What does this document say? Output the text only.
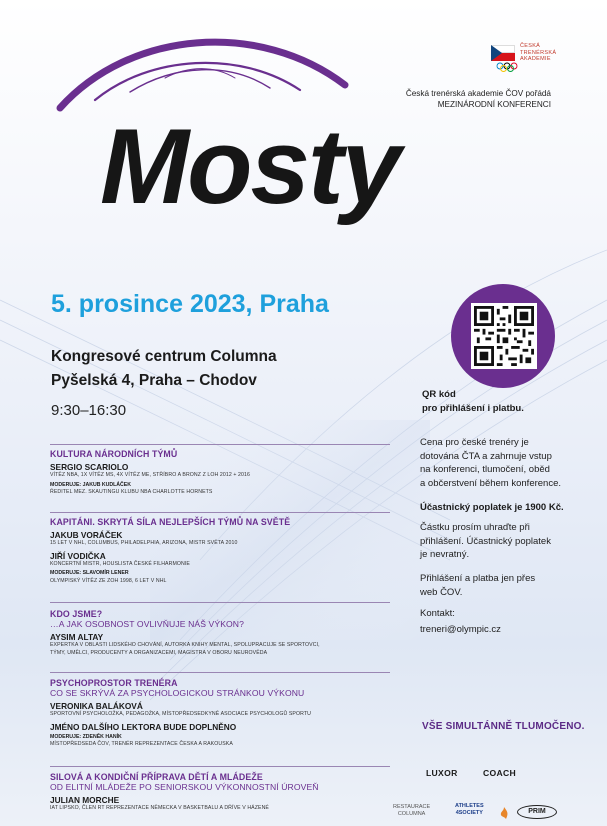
ČESKÁ
TRENÉRSKÁ
AKADEMIE
Česká trenérská akademie ČOV pořádá
MEZINÁRODNÍ KONFERENCI
Mosty
5. prosince 2023, Praha
Kongresové centrum Columna
Pyšelská 4, Praha – Chodov
9:30–16:30
QR kód
pro přihlášení i platbu.
Cena pro české trenéry je
dotována ČTA a zahrnuje vstup
na konferenci, tlumočení, oběd
a občerstvení během konference.
Účastnický poplatek je 1900 Kč.
Částku prosím uhraďte při
přihlášení. Účastnický poplatek
je nevratný.
Přihlášení a platba jen přes
web ČOV.
Kontakt:
treneri@olympic.cz
VŠE SIMULTÁNNĚ TLUMOČENO.
KULTURA NÁRODNÍCH TÝMŮ
SERGIO SCARIOLO
VÍTĚZ NBA, 1X VÍTĚZ MS, 4X VÍTĚZ ME, STŘÍBRO A BRONZ Z LOH 2012 + 2016
MODERUJE: JAKUB KUDLÁČEK
ŘEDITEL MEZ. SKAUTINGU KLUBU NBA CHARLOTTE HORNETS
KAPITÁNI. SKRYTÁ SÍLA NEJLEPŠÍCH TÝMŮ NA SVĚTĚ
JAKUB VORÁČEK
15 LET V NHL, COLUMBUS, PHILADELPHIA, ARIZONA, MISTR SVĚTA 2010
JIŘÍ VODIČKA
KONCERTNÍ MISTR, HOUSLISTA ČESKÉ FILHARMONIE
MODERUJE: SLAVOMÍR LENER
OLYMPISKÝ VÍTĚZ ZE ZOH 1998, 6 LET V NHL
KDO JSME?
…A JAK OSOBNOST OVLIVŇUJE NÁŠ VÝKON?
AYSIM ALTAY
EXPERTKA V OBLASTI LIDSKÉHO CHOVÁNÍ, AUTORKA KNIHY MENTAL, SPOLUPRACUJE SE SPORTOVCI,
TÝMY, UMĚLCI, PRODUCENTY A ORGANIZACEMI, MAGISTRA V OBORU NEUROVĚDA
PSYCHOPROSTOR TRENÉRA
CO SE SKRÝVÁ ZA PSYCHOLOGICKOU STRÁNKOU VÝKONU
VERONIKA BALÁKOVÁ
SPORTOVNÍ PSYCHOLOŽKA, PEDAGOŽKA, MÍSTOPŘEDSEDKYNĚ ASOCIACE PSYCHOLOGŮ SPORTU
JMÉNO DALŠÍHO LEKTORA BUDE DOPLNĚNO
MODERUJE: ZDENĚK HANÍK
MÍSTOPŘEDSEDA ČOV, TRENÉR REPREZENTACE ČESKA A RAKOUSKA
SILOVÁ A KONDIČNÍ PŘÍPRAVA DĚTÍ A MLÁDEŽE
OD ELITNÍ MLÁDEŽE PO SENIORSKOU VÝKONNOSTNÍ ÚROVEŇ
JULIAN MORCHE
IAT LIPSKO, ČLEN RT REPREZENTACE NĚMECKA V BASKETBALU A DŘÍVE V HÁZENÉ
LUXOR	COACH
RESTAURACE
COLUMNA
ATHLETES
4SOCIETY	PRIM
